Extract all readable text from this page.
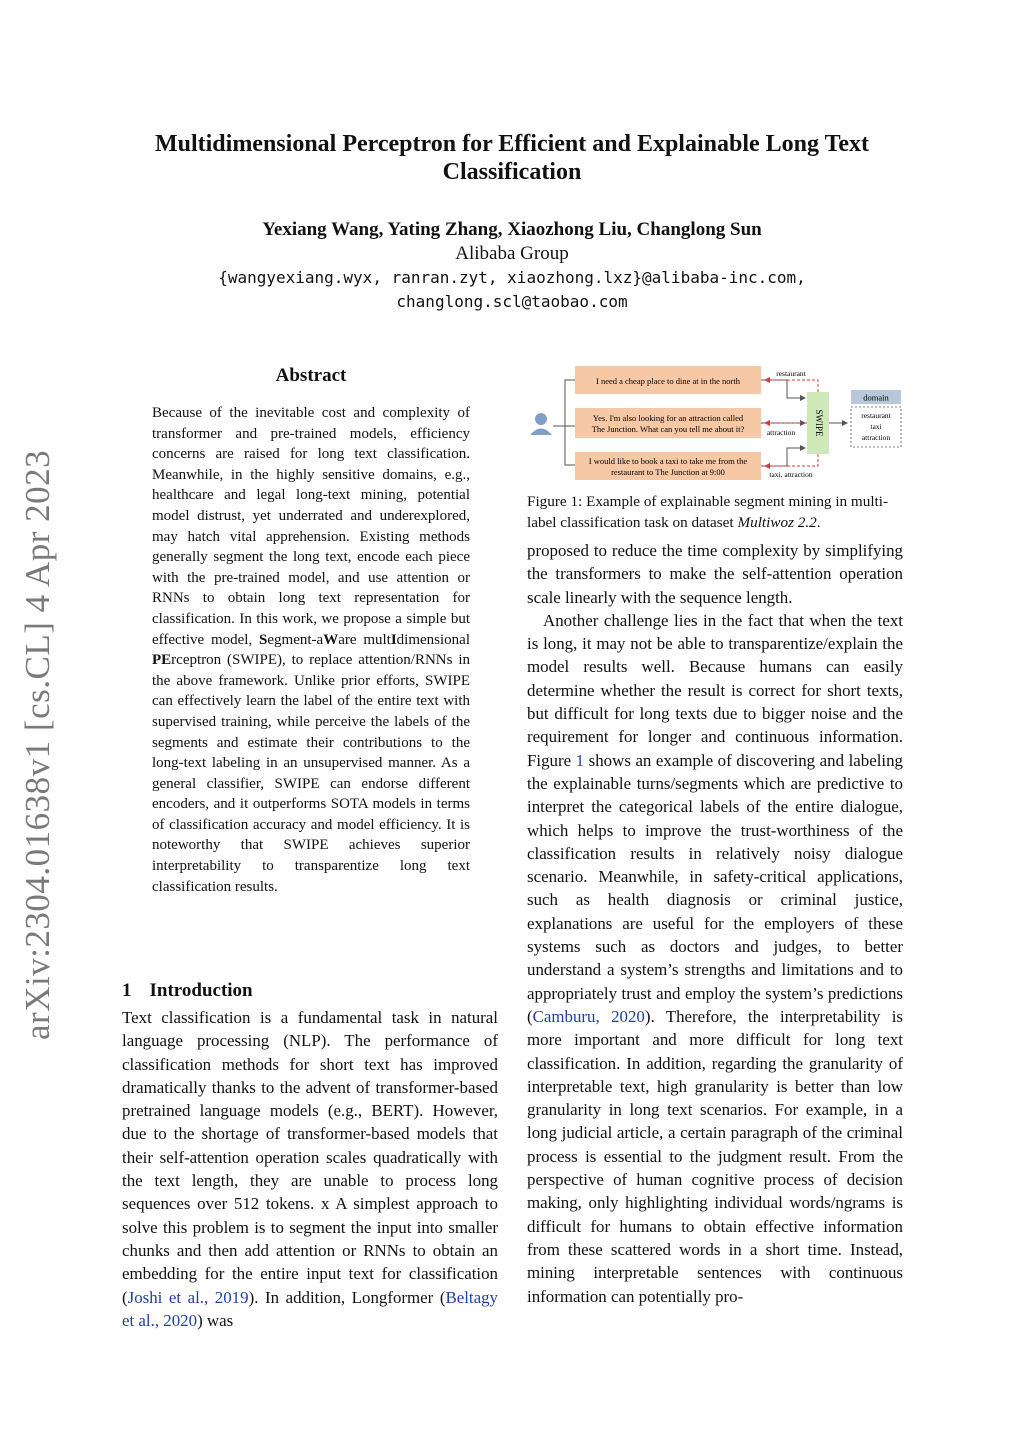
Multidimensional Perceptron for Efficient and Explainable Long Text
Classification
Yexiang Wang, Yating Zhang, Xiaozhong Liu, Changlong Sun
Alibaba Group
{wangyexiang.wyx, ranran.zyt, xiaozhong.lxz}@alibaba-inc.com,
changlong.scl@taobao.com
arXiv:2304.01638v1 [cs.CL] 4 Apr 2023
Abstract
Because of the inevitable cost and complexity of transformer and pre-trained models, efficiency concerns are raised for long text classification. Meanwhile, in the highly sensitive domains, e.g., healthcare and legal long-text mining, potential model distrust, yet underrated and underexplored, may hatch vital apprehension. Existing methods generally segment the long text, encode each piece with the pre-trained model, and use attention or RNNs to obtain long text representation for classification. In this work, we propose a simple but effective model, Segment-aWare multIdimensional PErceptron (SWIPE), to replace attention/RNNs in the above framework. Unlike prior efforts, SWIPE can effectively learn the label of the entire text with supervised training, while perceive the labels of the segments and estimate their contributions to the long-text labeling in an unsupervised manner. As a general classifier, SWIPE can endorse different encoders, and it outperforms SOTA models in terms of classification accuracy and model efficiency. It is noteworthy that SWIPE achieves superior interpretability to transparentize long text classification results.
1 Introduction

Text classification is a fundamental task in natural language processing (NLP). The performance of classification methods for short text has improved dramatically thanks to the advent of transformer-based pretrained language models (e.g., BERT). However, due to the shortage of transformer-based models that their self-attention operation scales quadratically with the text length, they are unable to process long sequences over 512 tokens. x A simplest approach to solve this problem is to segment the input into smaller chunks and then add attention or RNNs to obtain an embedding for the entire input text for classification (Joshi et al., 2019). In addition, Longformer (Beltagy et al., 2020) was

I need a cheap place to dine at in the north
Yes. I'm also looking for an attraction called
The Junction. What can you tell me about it?
I would like to book a taxi to take me from the
restaurant to The Junction at 9:00
SWIPE
restaurant
attraction
taxi, attraction
domain
restaurant
taxi
attraction
Figure 1: Example of explainable segment mining in multi-label classification task on dataset Multiwoz 2.2.

proposed to reduce the time complexity by simplifying the transformers to make the self-attention operation scale linearly with the sequence length.

Another challenge lies in the fact that when the text is long, it may not be able to transparentize/explain the model results well. Because humans can easily determine whether the result is correct for short texts, but difficult for long texts due to bigger noise and the requirement for longer and continuous information. Figure 1 shows an example of discovering and labeling the explainable turns/segments which are predictive to interpret the categorical labels of the entire dialogue, which helps to improve the trust-worthiness of the classification results in relatively noisy dialogue scenario. Meanwhile, in safety-critical applications, such as health diagnosis or criminal justice, explanations are useful for the employers of these systems such as doctors and judges, to better understand a system’s strengths and limitations and to appropriately trust and employ the system’s predictions (Camburu, 2020). Therefore, the interpretability is more important and more difficult for long text classification. In addition, regarding the granularity of interpretable text, high granularity is better than low granularity in long text scenarios. For example, in a long judicial article, a certain paragraph of the criminal process is essential to the judgment result. From the perspective of human cognitive process of decision making, only highlighting individual words/ngrams is difficult for humans to obtain effective information from these scattered words in a short time. Instead, mining interpretable sentences with continuous information can potentially pro-
